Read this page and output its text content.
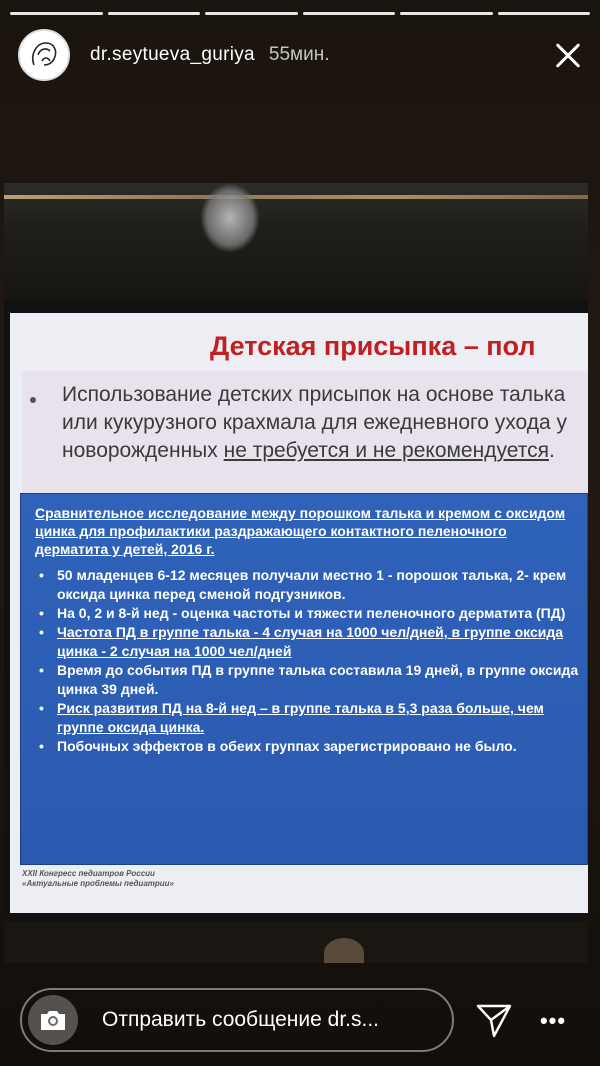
dr.seytueva_guriya 55мин.
Детская присыпка – пол
Использование детских присыпок на основе талька или кукурузного крахмала для ежедневного ухода у новорожденных не требуется и не рекомендуется.
Сравнительное исследование между порошком талька и кремом с оксидом цинка для профилактики раздражающего контактного пеленочного дерматита у детей, 2016 г.
• 50 младенцев 6-12 месяцев получали местно 1 - порошок талька, 2- крем оксида цинка перед сменой подгузников.
• На 0, 2 и 8-й нед - оценка частоты и тяжести пеленочного дерматита (ПД)
• Частота ПД в группе талька - 4 случая на 1000 чел/дней, в группе оксида цинка - 2 случая на 1000 чел/дней
• Время до события ПД в группе талька составила 19 дней, в группе оксида цинка 39 дней.
• Риск развития ПД на 8-й нед – в группе талька в 5,3 раза больше, чем группе оксида цинка.
• Побочных эффектов в обеих группах зарегистрировано не было.
XXII Конгресс педиатров России
«Актуальные проблемы педиатрии»
Отправить сообщение dr.s...	•••
